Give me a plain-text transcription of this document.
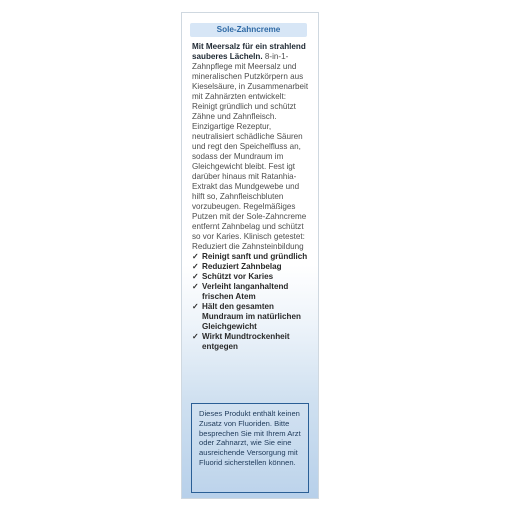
Sole-Zahncreme
Mit Meersalz für ein strahlend sauberes Lächeln. 8-in-1-Zahnpflege mit Meersalz und mineralischen Putzkörpern aus Kieselsäure, in Zusammenarbeit mit Zahnärzten entwickelt: Reinigt gründlich und schützt Zähne und Zahnfleisch. Einzigartige Rezeptur, neutralisiert schädliche Säuren und regt den Speichelfluss an, sodass der Mundraum im Gleichgewicht bleibt. Fest igt darüber hinaus mit Ratanhia-Extrakt das Mundgewebe und hilft so, Zahnfleischbluten vorzubeugen. Regelmäßiges Putzen mit der Sole-Zahncreme entfernt Zahnbelag und schützt so vor Karies. Klinisch getestet: Reduziert die Zahnsteinbildung
✓ Reinigt sanft und gründlich
✓ Reduziert Zahnbelag
✓ Schützt vor Karies
✓ Verleiht langanhaltend frischen Atem
✓ Hält den gesamten Mundraum im natürlichen Gleichgewicht
✓ Wirkt Mundtrockenheit entgegen
Dieses Produkt enthält keinen Zusatz von Fluoriden. Bitte besprechen Sie mit Ihrem Arzt oder Zahnarzt, wie Sie eine ausreichende Versorgung mit Fluorid sicherstellen können.
